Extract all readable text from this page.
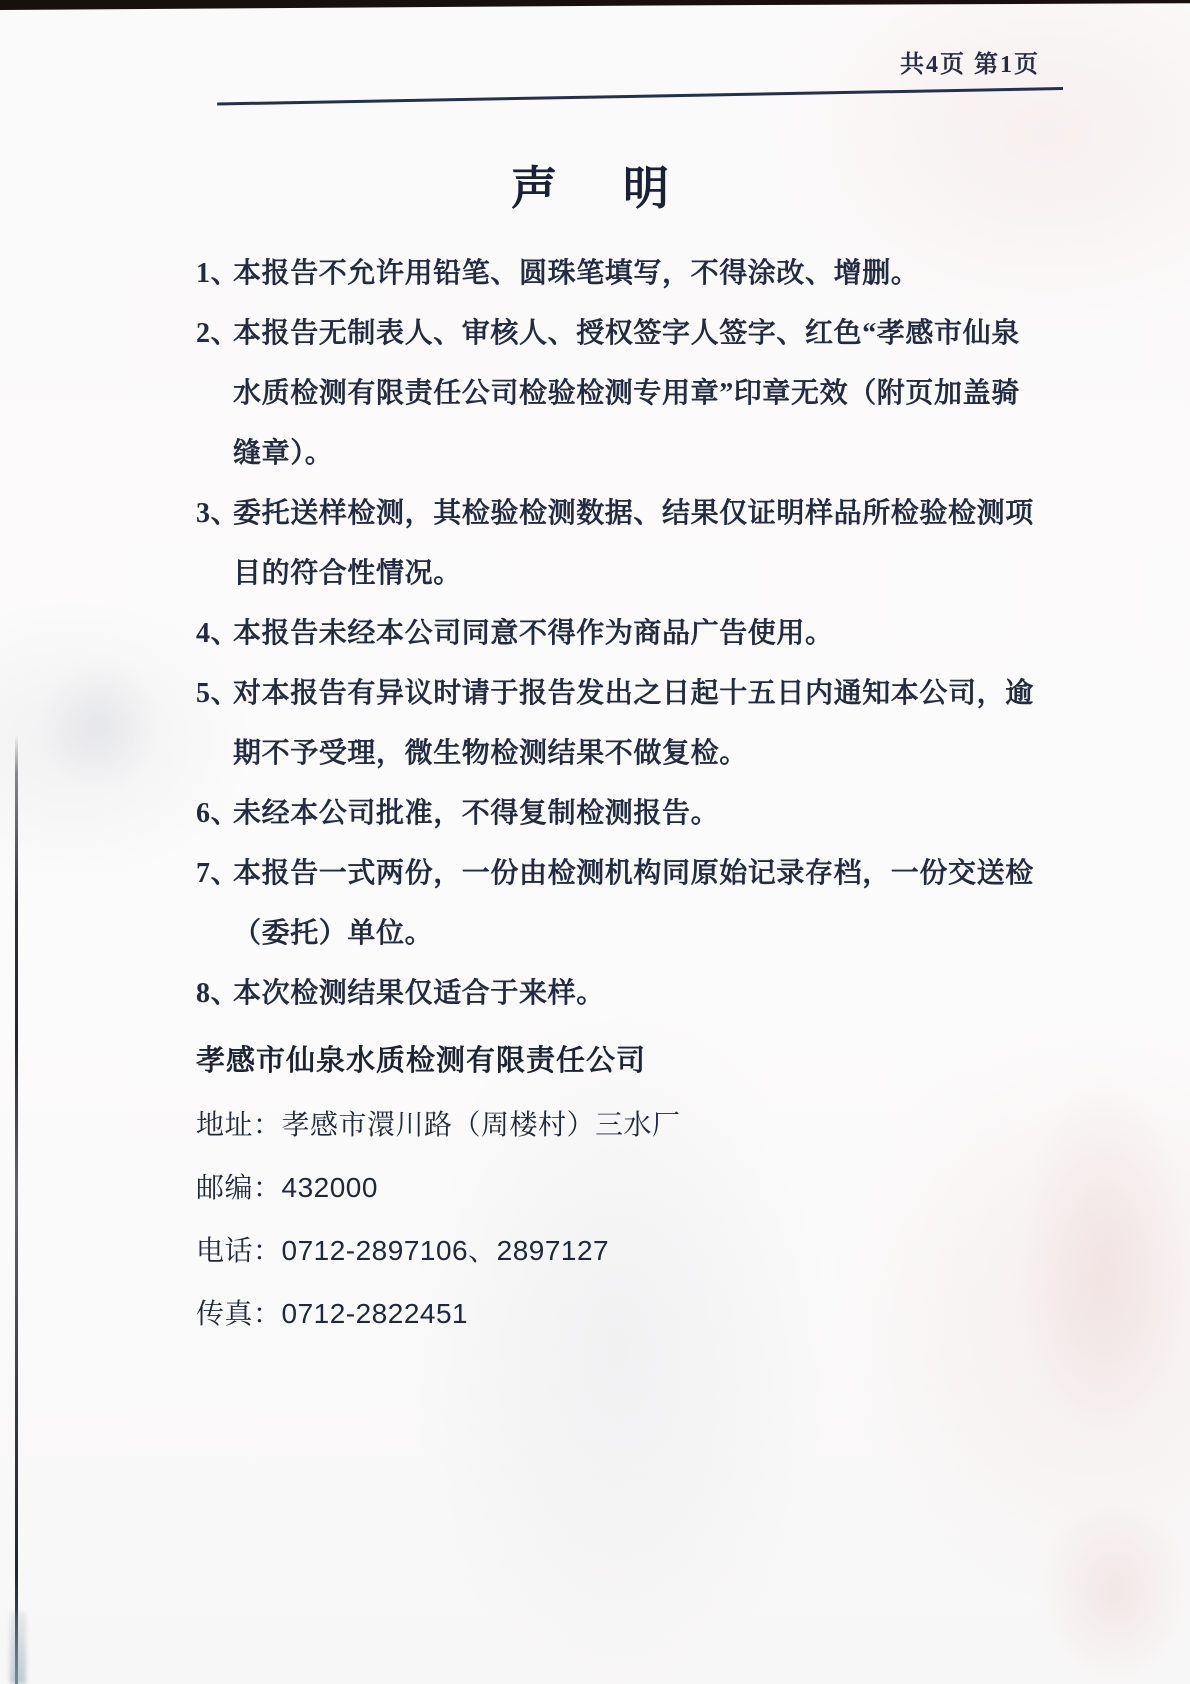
共4页 第1页
声　明
1、
本报告不允许用铅笔、圆珠笔填写，不得涂改、增删。
2、
本报告无制表人、审核人、授权签字人签字、红色“孝感市仙泉
水质检测有限责任公司检验检测专用章”印章无效（附页加盖骑
缝章）。
3、
委托送样检测，其检验检测数据、结果仅证明样品所检验检测项
目的符合性情况。
4、
本报告未经本公司同意不得作为商品广告使用。
5、
对本报告有异议时请于报告发出之日起十五日内通知本公司，逾
期不予受理，微生物检测结果不做复检。
6、
未经本公司批准，不得复制检测报告。
7、
本报告一式两份，一份由检测机构同原始记录存档，一份交送检
（委托）单位。
8、
本次检测结果仅适合于来样。
孝感市仙泉水质检测有限责任公司
地址：孝感市澴川路（周楼村）三水厂
邮编：432000
电话：0712-2897106、2897127
传真：0712-2822451
